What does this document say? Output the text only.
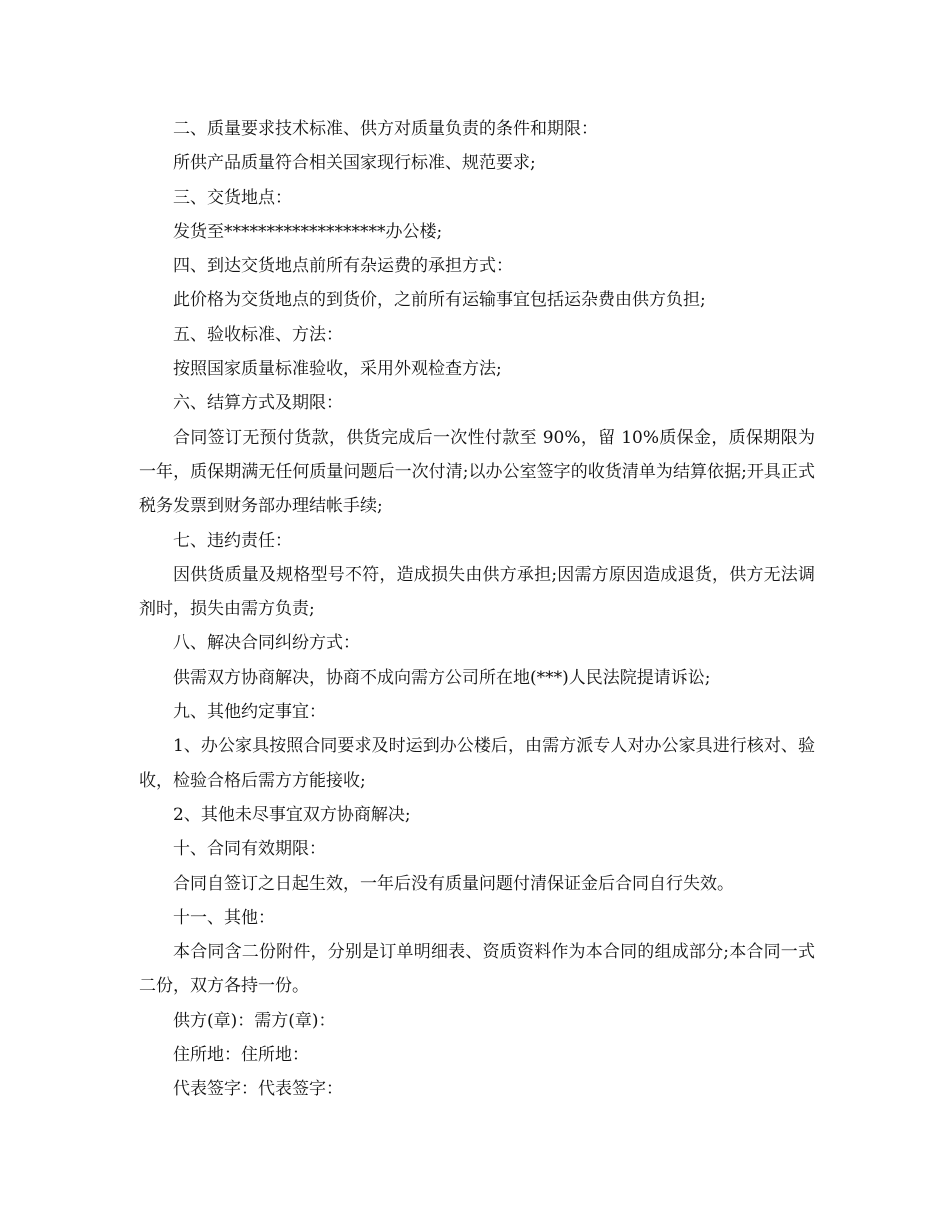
二、质量要求技术标准、供方对质量负责的条件和期限：

所供产品质量符合相关国家现行标准、规范要求;

三、交货地点：

发货至*******************办公楼;

四、到达交货地点前所有杂运费的承担方式：

此价格为交货地点的到货价，之前所有运输事宜包括运杂费由供方负担;

五、验收标准、方法：

按照国家质量标准验收，采用外观检查方法;

六、结算方式及期限：

合同签订无预付货款，供货完成后一次性付款至 90%，留 10%质保金，质保期限为一年，质保期满无任何质量问题后一次付清;以办公室签字的收货清单为结算依据;开具正式税务发票到财务部办理结帐手续;

七、违约责任：

因供货质量及规格型号不符，造成损失由供方承担;因需方原因造成退货，供方无法调剂时，损失由需方负责;

八、解决合同纠纷方式：

供需双方协商解决，协商不成向需方公司所在地(***)人民法院提请诉讼;

九、其他约定事宜：

1、办公家具按照合同要求及时运到办公楼后，由需方派专人对办公家具进行核对、验收，检验合格后需方方能接收;

2、其他未尽事宜双方协商解决;

十、合同有效期限：

合同自签订之日起生效，一年后没有质量问题付清保证金后合同自行失效。

十一、其他：

本合同含二份附件，分别是订单明细表、资质资料作为本合同的组成部分;本合同一式二份，双方各持一份。

供方(章)：需方(章)：

住所地：住所地：

代表签字：代表签字：
